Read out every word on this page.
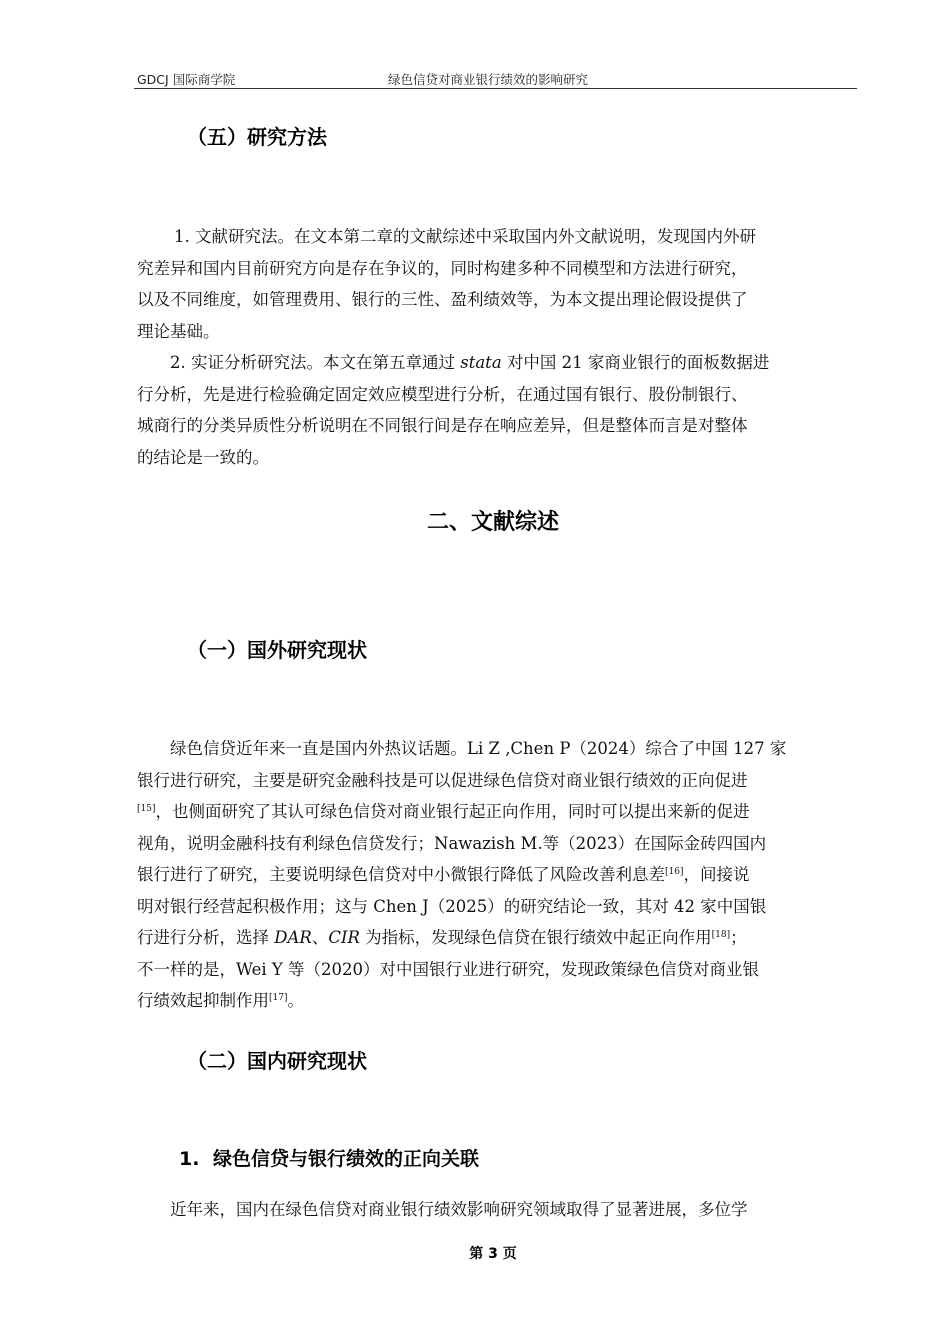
GDCJ 国际商学院	绿色信贷对商业银行绩效的影响研究
（五）研究方法
1. 文献研究法。在文本第二章的文献综述中采取国内外文献说明，发现国内外研
究差异和国内目前研究方向是存在争议的，同时构建多种不同模型和方法进行研究，
以及不同维度，如管理费用、银行的三性、盈利绩效等，为本文提出理论假设提供了
理论基础。
2. 实证分析研究法。本文在第五章通过 stata 对中国 21 家商业银行的面板数据进
行分析，先是进行检验确定固定效应模型进行分析，在通过国有银行、股份制银行、
城商行的分类异质性分析说明在不同银行间是存在响应差异，但是整体而言是对整体
的结论是一致的。
二、文献综述
（一）国外研究现状
绿色信贷近年来一直是国内外热议话题。Li Z ,Chen P（2024）综合了中国 127 家
银行进行研究，主要是研究金融科技是可以促进绿色信贷对商业银行绩效的正向促进
[15]，也侧面研究了其认可绿色信贷对商业银行起正向作用，同时可以提出来新的促进
视角，说明金融科技有利绿色信贷发行；Nawazish M.等（2023）在国际金砖四国内
银行进行了研究，主要说明绿色信贷对中小微银行降低了风险改善利息差[16]，间接说
明对银行经营起积极作用；这与 Chen J（2025）的研究结论一致，其对 42 家中国银
行进行分析，选择 DAR、CIR 为指标，发现绿色信贷在银行绩效中起正向作用[18]；
不一样的是，Wei Y 等（2020）对中国银行业进行研究，发现政策绿色信贷对商业银
行绩效起抑制作用[17]。
（二）国内研究现状
1. 绿色信贷与银行绩效的正向关联
近年来，国内在绿色信贷对商业银行绩效影响研究领域取得了显著进展，多位学
第 3 页
